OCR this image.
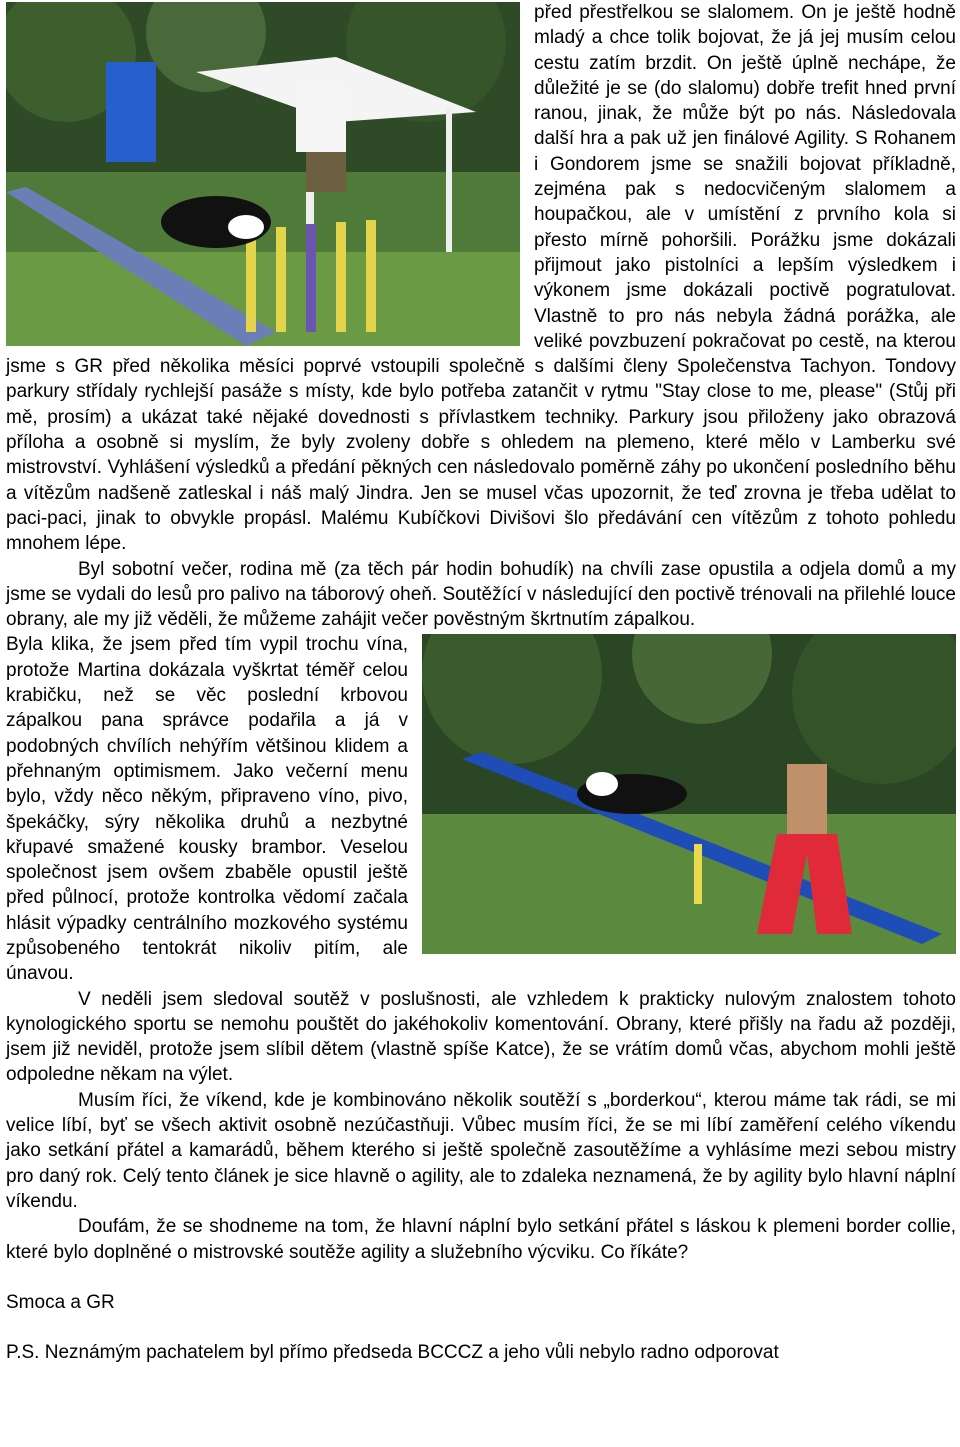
před přestřelkou se slalomem. On je ještě hodně mladý a chce tolik bojovat, že já jej musím celou cestu zatím brzdit. On ještě úplně nechápe, že důležité je se (do slalomu) dobře trefit hned první ranou, jinak, že může být po nás. Následovala další hra a pak už jen finálové Agility. S Rohanem i Gondorem jsme se snažili bojovat příkladně, zejména pak s nedocvičeným slalomem a houpačkou, ale v umístění z prvního kola si přesto mírně pohoršili. Porážku jsme dokázali přijmout jako pistolníci a lepším výsledkem i výkonem jsme dokázali poctivě pogratulovat. Vlastně to pro nás nebyla žádná porážka, ale veliké povzbuzení pokračovat po cestě, na kterou jsme s GR před několika měsíci poprvé vstoupili společně s dalšími členy Společenstva Tachyon. Tondovy parkury střídaly rychlejší pasáže s místy, kde bylo potřeba zatančit v rytmu "Stay close to me, please" (Stůj při mě, prosím) a ukázat také nějaké dovednosti s přívlastkem techniky. Parkury jsou přiloženy jako obrazová příloha a osobně si myslím, že byly zvoleny dobře s ohledem na plemeno, které mělo v Lamberku své mistrovství. Vyhlášení výsledků a předání pěkných cen následovalo poměrně záhy po ukončení posledního běhu a vítězům nadšeně zatleskal i náš malý Jindra. Jen se musel včas upozornit, že teď zrovna je třeba udělat to paci-paci, jinak to obvykle propásl. Malému Kubíčkovi Divišovi šlo předávání cen vítězům z tohoto pohledu mnohem lépe.

Byl sobotní večer, rodina mě (za těch pár hodin bohudík) na chvíli zase opustila a odjela domů a my jsme se vydali do lesů pro palivo na táborový oheň. Soutěžící v následující den poctivě trénovali na přilehlé louce obrany, ale my již věděli, že můžeme zahájit večer pověstným škrtnutím zápalkou.

Byla klika, že jsem před tím vypil trochu vína, protože Martina dokázala vyškrtat téměř celou krabičku, než se věc poslední krbovou zápalkou pana správce podařila a já v podobných chvílích nehýřím většinou klidem a přehnaným optimismem. Jako večerní menu bylo, vždy něco někým, připraveno víno, pivo, špekáčky, sýry několika druhů a nezbytné křupavé smažené kousky brambor. Veselou společnost jsem ovšem zbaběle opustil ještě před půlnocí, protože kontrolka vědomí začala hlásit výpadky centrálního mozkového systému způsobeného tentokrát nikoliv pitím, ale únavou.

V neděli jsem sledoval soutěž v poslušnosti, ale vzhledem k prakticky nulovým znalostem tohoto kynologického sportu se nemohu pouštět do jakéhokoliv komentování. Obrany, které přišly na řadu až později, jsem již neviděl, protože jsem slíbil dětem (vlastně spíše Katce), že se vrátím domů včas, abychom mohli ještě odpoledne někam na výlet.

Musím říci, že víkend, kde je kombinováno několik soutěží s „borderkou“, kterou máme tak rádi, se mi velice líbí, byť se všech aktivit osobně nezúčastňuji. Vůbec musím říci, že se mi líbí zaměření celého víkendu jako setkání přátel a kamarádů, během kterého si ještě společně zasoutěžíme a vyhlásíme mezi sebou mistry pro daný rok. Celý tento článek je sice hlavně o agility, ale to zdaleka neznamená, že by agility bylo hlavní náplní víkendu.

Doufám, že se shodneme na tom, že hlavní náplní bylo setkání přátel s láskou k plemeni border collie, které bylo doplněné o mistrovské soutěže agility a služebního výcviku. Co říkáte?

Smoca a GR

P.S. Neznámým pachatelem byl přímo předseda BCCCZ a jeho vůli nebylo radno odporovat
